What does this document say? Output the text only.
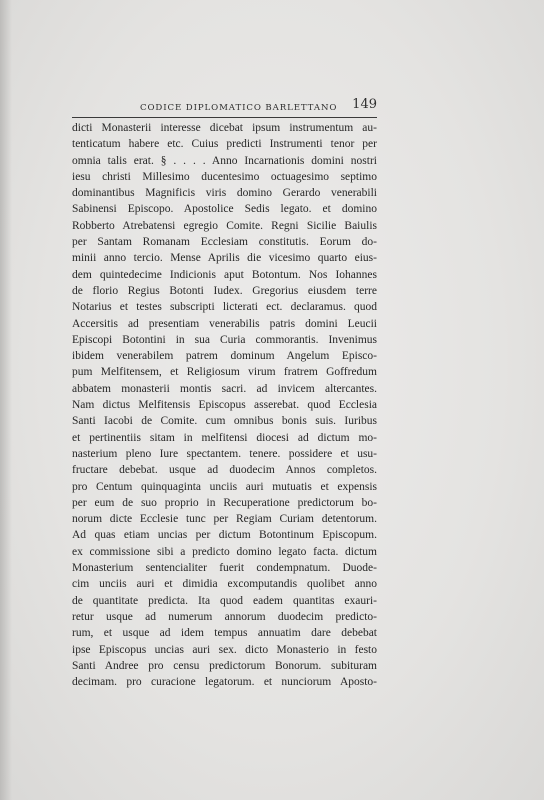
CODICE DIPLOMATICO BARLETTANO 149
dicti Monasterii interesse dicebat ipsum instrumentum au-
tenticatum habere etc. Cuius predicti Instrumenti tenor per
omnia talis erat. § . . . . Anno Incarnationis domini nostri
iesu christi Millesimo ducentesimo octuagesimo septimo
dominantibus Magnificis viris domino Gerardo venerabili
Sabinensi Episcopo. Apostolice Sedis legato. et domino
Robberto Atrebatensi egregio Comite. Regni Sicilie Baiulis
per Santam Romanam Ecclesiam constitutis. Eorum do-
minii anno tercio. Mense Aprilis die vicesimo quarto eius-
dem quintedecime Indicionis aput Botontum. Nos Iohannes
de florio Regius Botonti Iudex. Gregorius eiusdem terre
Notarius et testes subscripti licterati ect. declaramus. quod
Accersitis ad presentiam venerabilis patris domini Leucii
Episcopi Botontini in sua Curia commorantis. Invenimus
ibidem venerabilem patrem dominum Angelum Episco-
pum Melfitensem, et Religiosum virum fratrem Goffredum
abbatem monasterii montis sacri. ad invicem altercantes.
Nam dictus Melfitensis Episcopus asserebat. quod Ecclesia
Santi Iacobi de Comite. cum omnibus bonis suis. Iuribus
et pertinentiis sitam in melfitensi diocesi ad dictum mo-
nasterium pleno Iure spectantem. tenere. possidere et usu-
fructare debebat. usque ad duodecim Annos completos.
pro Centum quinquaginta unciis auri mutuatis et expensis
per eum de suo proprio in Recuperatione predictorum bo-
norum dicte Ecclesie tunc per Regiam Curiam detentorum.
Ad quas etiam uncias per dictum Botontinum Episcopum.
ex commissione sibi a predicto domino legato facta. dictum
Monasterium sentencialiter fuerit condempnatum. Duode-
cim unciis auri et dimidia excomputandis quolibet anno
de quantitate predicta. Ita quod eadem quantitas exauri-
retur usque ad numerum annorum duodecim predicto-
rum, et usque ad idem tempus annuatim dare debebat
ipse Episcopus uncias auri sex. dicto Monasterio in festo
Santi Andree pro censu predictorum Bonorum. subituram
decimam. pro curacione legatorum. et nunciorum Aposto-
